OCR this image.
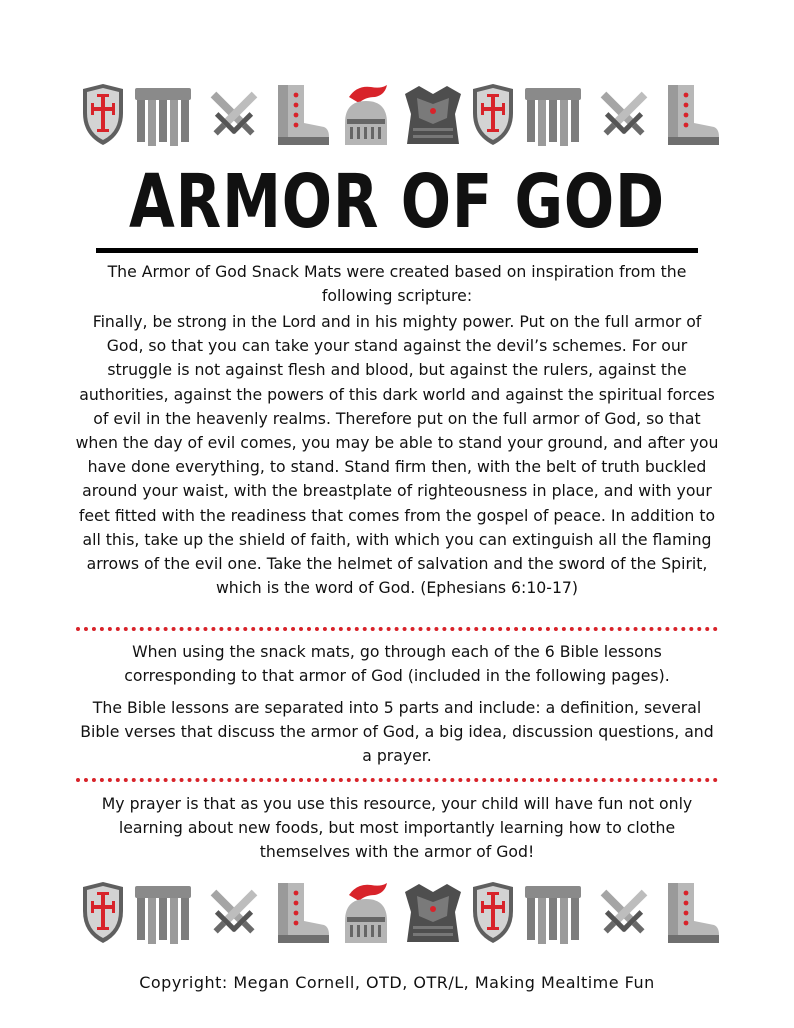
ARMOR OF GOD

The Armor of God Snack Mats were created based on inspiration from the following scripture:

Finally, be strong in the Lord and in his mighty power. Put on the full armor of God, so that you can take your stand against the devil’s schemes. For our struggle is not against flesh and blood, but against the rulers, against the authorities, against the powers of this dark world and against the spiritual forces of evil in the heavenly realms. Therefore put on the full armor of God, so that when the day of evil comes, you may be able to stand your ground, and after you have done everything, to stand. Stand firm then, with the belt of truth buckled around your waist, with the breastplate of righteousness in place, and with your feet fitted with the readiness that comes from the gospel of peace. In addition to all this, take up the shield of faith, with which you can extinguish all the flaming arrows of the evil one. Take the helmet of salvation and the sword of the Spirit, which is the word of God. (Ephesians 6:10-17)

When using the snack mats, go through each of the 6 Bible lessons corresponding to that armor of God (included in the following pages).

The Bible lessons are separated into 5 parts and include: a definition, several Bible verses that discuss the armor of God, a big idea, discussion questions, and a prayer.

My prayer is that as you use this resource, your child will have fun not only learning about new foods, but most importantly learning how to clothe themselves with the armor of God!

Copyright: Megan Cornell, OTD, OTR/L, Making Mealtime Fun
